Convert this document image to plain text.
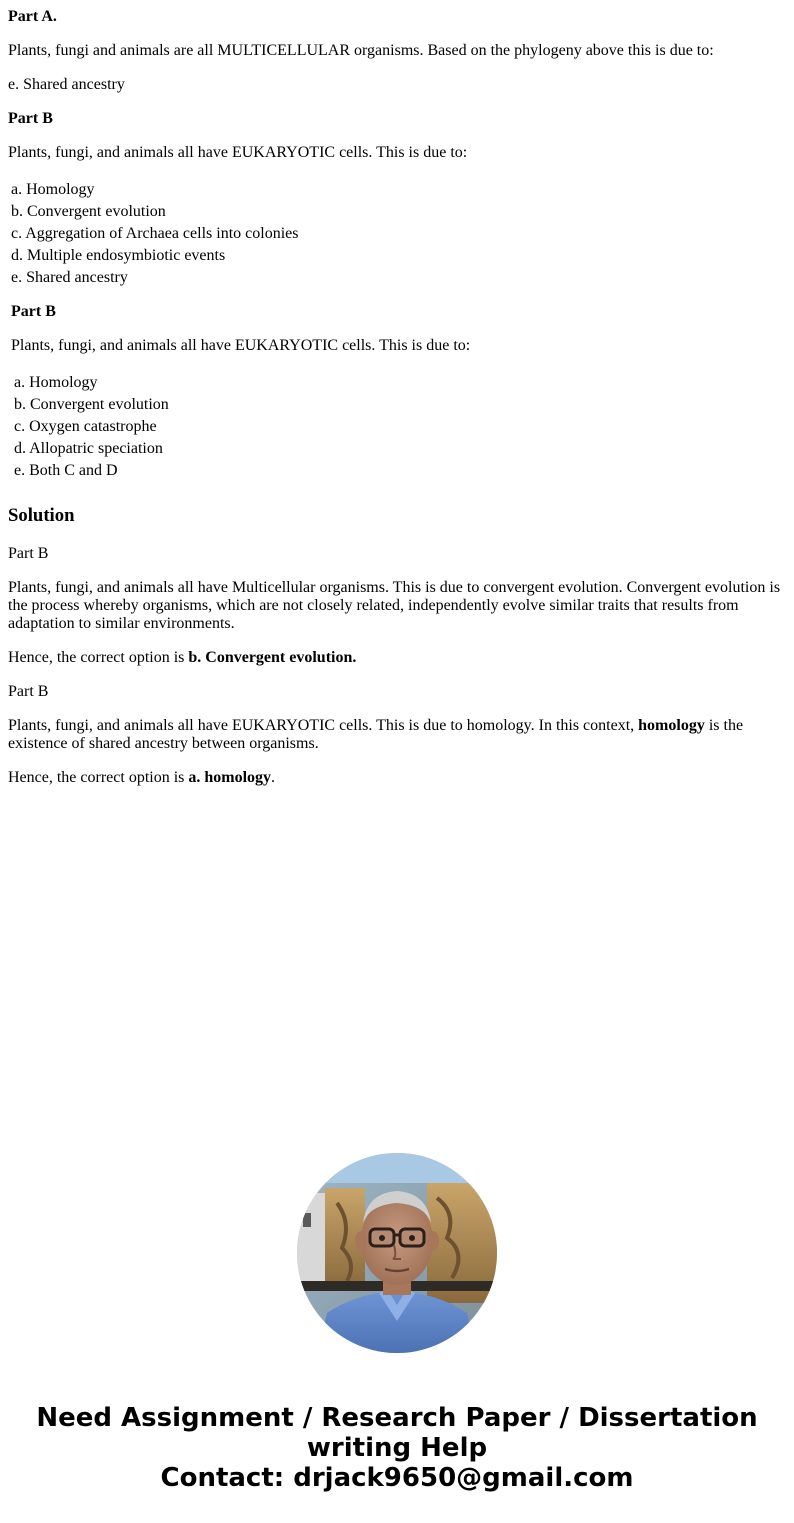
Part A.

Plants, fungi and animals are all MULTICELLULAR organisms. Based on the phylogeny above this is due to:

e. Shared ancestry

Part B

Plants, fungi, and animals all have EUKARYOTIC cells. This is due to:

a. Homology
b. Convergent evolution
c. Aggregation of Archaea cells into colonies
d. Multiple endosymbiotic events
e. Shared ancestry

Part B

Plants, fungi, and animals all have EUKARYOTIC cells. This is due to:

a. Homology
b. Convergent evolution
c. Oxygen catastrophe
d. Allopatric speciation
e. Both C and D
Solution

Part B

Plants, fungi, and animals all have Multicellular organisms. This is due to convergent evolution. Convergent evolution is the process whereby organisms, which are not closely related, independently evolve similar traits that results from adaptation to similar environments.

Hence, the correct option is b. Convergent evolution.

Part B

Plants, fungi, and animals all have EUKARYOTIC cells. This is due to homology. In this context, homology is the existence of shared ancestry between organisms.

Hence, the correct option is a. homology.

Need Assignment / Research Paper / Dissertation
writing Help
Contact: drjack9650@gmail.com
